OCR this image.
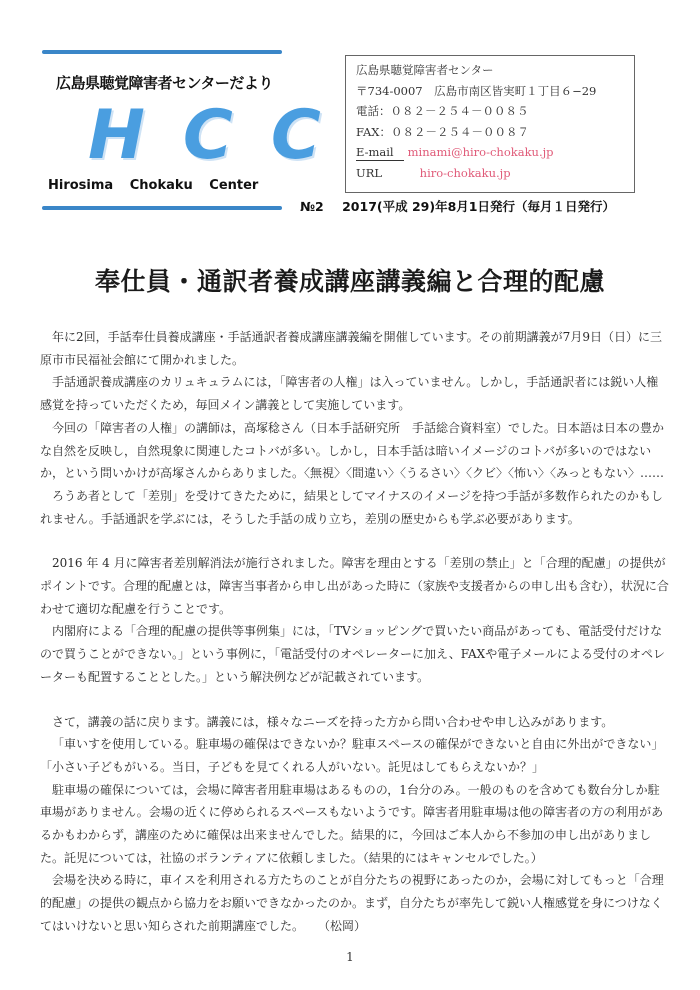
広島県聴覚障害者センターだより
H C C
Hirosima Chokaku Center
広島県聴覚障害者センター
〒734-0007　広島市南区皆実町１丁目６−29
電話：０８２－２５４－００８５
FAX：０８２－２５４－００８７
E-mail minami@hiro-chokaku.jp
URL	hiro-chokaku.jp
№2 2017(平成 29)年8月1日発行（毎月１日発行）
奉仕員・通訳者養成講座講義編と合理的配慮

年に2回，手話奉仕員養成講座・手話通訳者養成講座講義編を開催しています。その前期講義が7月9日（日）に三原市市民福祉会館にて開かれました。

手話通訳養成講座のカリュキュラムには，「障害者の人権」は入っていません。しかし，手話通訳者には鋭い人権感覚を持っていただくため，毎回メイン講義として実施しています。

今回の「障害者の人権」の講師は，高塚稔さん（日本手話研究所　手話総合資料室）でした。日本語は日本の豊かな自然を反映し，自然現象に関連したコトバが多い。しかし，日本手話は暗いイメージのコトバが多いのではないか，という問いかけが高塚さんからありました。〈無視〉〈間違い〉〈うるさい〉〈クビ〉〈怖い〉〈みっともない〉……

ろうあ者として「差別」を受けてきたために，結果としてマイナスのイメージを持つ手話が多数作られたのかもしれません。手話通訳を学ぶには，そうした手話の成り立ち，差別の歴史からも学ぶ必要があります。

2016 年 4 月に障害者差別解消法が施行されました。障害を理由とする「差別の禁止」と「合理的配慮」の提供がポイントです。合理的配慮とは，障害当事者から申し出があった時に（家族や支援者からの申し出も含む），状況に合わせて適切な配慮を行うことです。

内閣府による「合理的配慮の提供等事例集」には，「TVショッピングで買いたい商品があっても、電話受付だけなので買うことができない。」という事例に，「電話受付のオペレーターに加え、FAXや電子メールによる受付のオペレーターも配置することとした。」という解決例などが記載されています。

さて，講義の話に戻ります。講義には，様々なニーズを持った方から問い合わせや申し込みがあります。

「車いすを使用している。駐車場の確保はできないか？駐車スペースの確保ができないと自由に外出ができない」

「小さい子どもがいる。当日，子どもを見てくれる人がいない。託児はしてもらえないか？」

駐車場の確保については，会場に障害者用駐車場はあるものの，1台分のみ。一般のものを含めても数台分しか駐車場がありません。会場の近くに停められるスペースもないようです。障害者用駐車場は他の障害者の方の利用があるかもわからず，講座のために確保は出来ませんでした。結果的に，今回はご本人から不参加の申し出がありました。託児については，社協のボランティアに依頼しました。（結果的にはキャンセルでした。）

会場を決める時に，車イスを利用される方たちのことが自分たちの視野にあったのか，会場に対してもっと「合理的配慮」の提供の観点から協力をお願いできなかったのか。まず，自分たちが率先して鋭い人権感覚を身につけなくてはいけないと思い知らされた前期講座でした。 （松岡）

1
